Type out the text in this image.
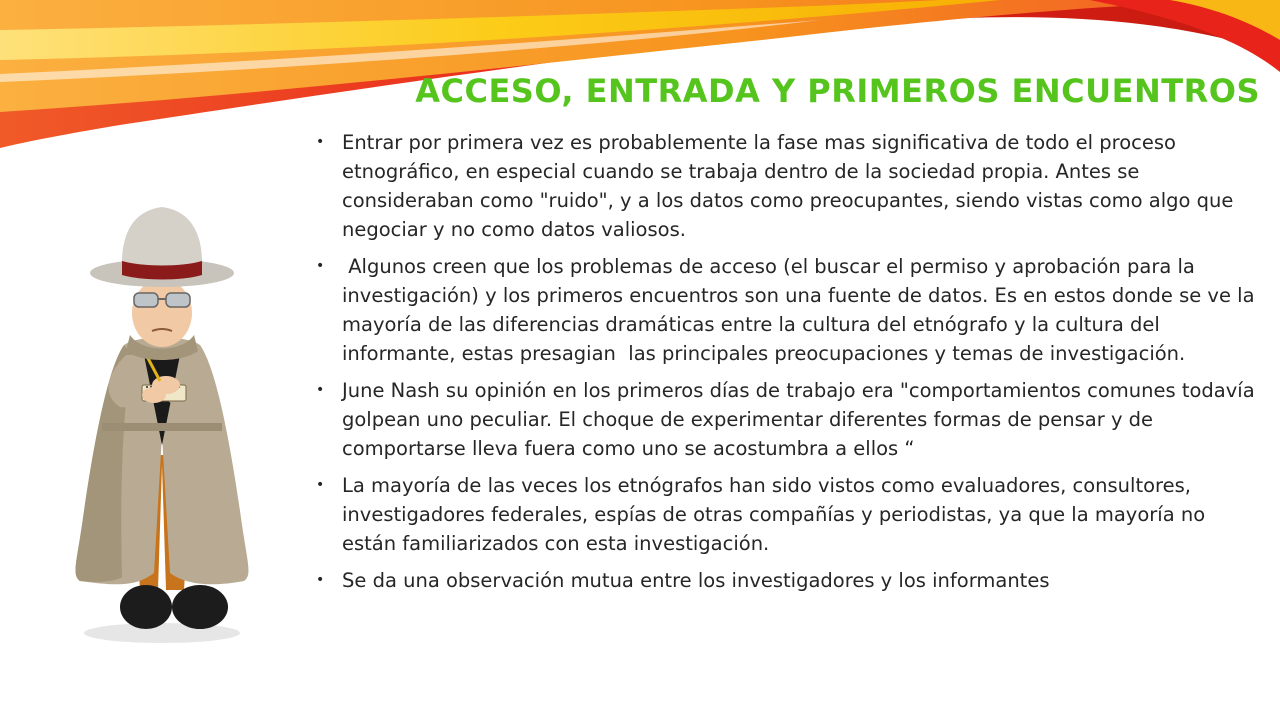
ACCESO, ENTRADA Y PRIMEROS ENCUENTROS
• Entrar por primera vez es probablemente la fase mas significativa de todo el proceso etnográfico, en especial cuando se trabaja dentro de la sociedad propia. Antes se consideraban como "ruido", y a los datos como preocupantes, siendo vistas como algo que negociar y no como datos valiosos.
• Algunos creen que los problemas de acceso (el buscar el permiso y aprobación para la investigación) y los primeros encuentros son una fuente de datos. Es en estos donde se ve la mayoría de las diferencias dramáticas entre la cultura del etnógrafo y la cultura del informante, estas presagian  las principales preocupaciones y temas de investigación.
• June Nash su opinión en los primeros días de trabajo era "comportamientos comunes todavía golpean uno peculiar. El choque de experimentar diferentes formas de pensar y de comportarse lleva fuera como uno se acostumbra a ellos “
• La mayoría de las veces los etnógrafos han sido vistos como evaluadores, consultores, investigadores federales, espías de otras compañías y periodistas, ya que la mayoría no están familiarizados con esta investigación.
• Se da una observación mutua entre los investigadores y los informantes
